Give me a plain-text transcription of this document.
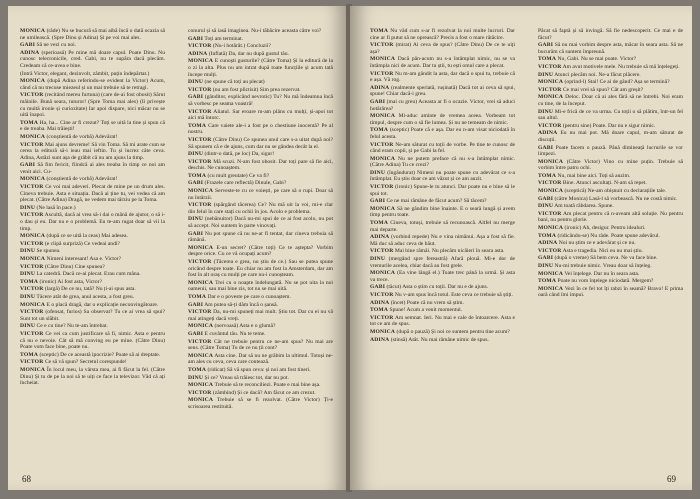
MONICA (râde) Nu se bucură să mai aibă încă o dată ocazia să ne umilească. (Spre Dinu și Adina) Și pe voi mai ales.

GABI Să ne vezi cu noi.

ADINA (sperioasă) Pe mine mă doare capul. Poate Dinu. Nu cunosc telecronicile, cred. Gabi, nu te supăra dacă plecăm. Credeam că ce-avea e bine.

(Intră Victor, elegant, dezinvolt, zâmbit, puțin îndepărtat.)

MONICA (după Adina referindu-se evident la Victor) Acum, când că nu trecuse miezeul și un mai trebuie să te retragi.

VICTOR (recitând mereu furtuna) (care de-ai fost obosit) Sărut mâinile. Bună seara, tuturor! (Spre Toma mai ales) (Ii privește cu multă ironie și curiozitate) Iar apoi dispare, nici măcar nu se uită înapoi.

TOMA Ha, ha... Cine ar fi crezut? Toți se uită la tine și spun că e de treaba. Mai trăiești!

MONICA (conștientă de vorbă) Adevărat!

VICTOR Mai ajuns devreme! Să vin Toma. Să mi arate cum se cerea la editură să-i ieau mai ieftin. Tu și lucrez câte ceva. Adina, Astăzi sunt așa de grăbit că nu am ajuns la timp.

GABI Să fim fericit, fiindcă ai ales treaba în timp ce noi am venit aici. Cu-

MONICA (conștientă de vorbă) Adevărat!

VICTOR Ce voi mai adeveri. Plecat de mine pe un drum ales. Cineva trebuie. Asta e situația. Dacă ai ține tu, vei vedea că am plecat. (Către Adina) Dragă, ne vedem mai târziu pe la Toma.

DINU (Ne lasă în pace.)

VICTOR Ascultă, dacă ai vrea să-i dai o mână de ajutor, o să i-o dau și eu. Dar nu e o problemă. Eu te-am rugat doar să vii la timp.

MONICA (după ce se uită la ceas) Mai adesea.

VICTOR (e clipă surpriză) Ce vedeai andi?

DINU Se spunea.

MONICA Nimeni interesant! Asa e. Victor?

VICTOR (Către Dinu) Cine spunea?

DINU La catedră. Dacă ce-ai plecat. Erau cum mâna.

TOMA (ironic) Ai fost asta, Victor?

VICTOR (largă) De ce nu, tată? Nu ți-ai spus asta.

DINU Tăcere atât de grea, anul acesta, a fost greu.

MONICA E o placă dragă, dar o explicație neconvingătoare.

VICTOR (ofensat, furios) Sa observat? Tu ce ai vrea să spui? Sunt tot un slăbit.

DINU Ce e cu tine? Nu te-am întrebat.

VICTOR Ce vei ca cum justificare să fi, nimic. Asta e pentru că nu e nevoie. Cât să mă conving eu pe mine. (Către Dinu) Poate vom face bine, poate nu.

TOMA (sceptic) De ce această ipocrizie? Poate să ai dreptate.

VICTOR Ce să vă spun? Secretul corespunde!

MONICA În locul meu, la vârsta mea, ai fi făcut la fel. (Către Dinu) Și tu de pe la noi să te uiți ce face la televizor. Văd că ați încheiat.

conurul și să iasă imaginea. Nu-i tăbăcire aceasta către voi?

GABI Toți am terminat.

VICTOR (Nu-i hotărât.) Concluzii?

ADINA (Inflată) Da, dar nu după gustul tău.

MONICA E cunoști gusturile? (Către Toma) Și la editură de la o zi la alta. Plus nu am intrat după toate funcțiile și acum tată începe mulți.

DINU (ne spune că toți au plecat)

VICTOR (nu am fost plictisit) Sim prea rezervat.

GABI (gânditor, explicând nevrotic) Tu? Nu mă îndeamna încă să vorbesc pe seama voastră!

VICTOR Aliatul. Sar eroare m-am plâns cu mulți, și-apoi tot aici mă întorc.

TOMA Care vaiete ale-i a fost pe o chestiune inocentă? Pe al nostru.

VICTOR (Către Dinu) Ce spunea unul care s-a uitat după noi? Să spunem că e de ajuns, cum dar nu se gândea decât la el.

DINU (dintr-o dată, pe loc) Da, sigur!

VICTOR Mă scuzi. N-am fost obosit. Dar toți pare să fie aici, deschis. Ne cunoaștem.

TOMA (cu mult greutate) Ce va fi?

GABI (Frazele care reflectă) Dinule, Gabi?

MONICA Serveste-te cu ce voiești, pe care să o rupi. Doar să nu întârzii.

VICTOR (spărgând tăcerea) Ce? Nu mă uit la voi, mi-e clar din felul în care stați cu ochii în jos. Acolo e problema.

DINU (nebănuitor) Dacă nu-mi spui de ce ai fost acolo, nu pot să accept. Noi suntem în parte vinovați.

GABI Nu pot spune că nu ne-ar fi tentat, dar cineva trebuia să rămână.

MONICA E-un secret? (Către toți) Ce te aștepta? Vorbim despre orice. Cu ce vă ocupați acum?

VICTOR (Tăcerea e grea, nu știu de ce.) Sau se putea spune oricând despre toate. Eu chiar nu am fost la Amsterdam, dar am fost în alt oraș cu mulți pe care nu-i cunoșteam.

MONICA Trei cu o noapte îndelungată. Nu se pot uita la noi oamenii, sau mai bine zis, tot nu se mai uită.

TOMA Dar e o poveste pe care o cunoaștem.

GABI Am putea să-ți dăm încă o șansă.

VICTOR Da, nu-mi spuneți mai mult. Știu tot. Dar cu ei nu vă mai atingeți dacă vreți.

MONICA (nervoasă) Asta e o glumă?

GABI E cuvântul tău. Nu te teme.

VICTOR Cât ne trebuie pentru ce ne-am spus? Nu mai are sens. (Către Toma) Tu de ce nu ții cont?

MONICA Asta cine. Dar să nu ne grăbim la ultimul. Totuși ne-am ales cu ceva, ceva care contează.

TOMA (ridicat) Să vă spun ceva: și noi am fost tineri.

DINU Și ce? Vreau să trăiesc tot, dar nu pot.

MONICA Trebuie să te reconciliezi. Poate e mai bine așa.

VICTOR (zâmbind) Și ce dacă? Am făcut ce am crezut.

MONICA Trebuie să se fi rezolvat. (Către Victor) Ți-e scrisoarea restituită.

68

TOMA Nu văd cum s-ar fi rezolvat la noi multe lucruri. Dar cine ar fi putut să ne oprească? Precis a fost o mare rătăcire.

VICTOR (mirat) Ai ceva de spus? (Către Dinu) De ce te uiți așa?

MONICA Dacă pân-acum nu s-a întâmplat nimic, nu se va întâmpla nici de acum. Dar tu știi, tu ești omul care a plecat.

VICTOR Nu m-am gândit la asta, dar dacă o spui tu, trebuie că e așa. Vă rog.

ADINA (realmente speriată, rușinată) Dacă tot ai ceva să spui, spune! Chiar dacă-i greu.

GABI (mai cu greu) Aceasta ar fi o ocazie. Victor, vrei să aduci hotărârea?

MONICA Mi-aduc aminte de vremea aceea. Vorbeam tot timpul, despre cum o să fie lumea. Și nu ne temeam de nimic.

TOMA (sceptic) Poate că e așa. Dar eu n-am visat niciodată în felul acesta.

VICTOR Ne-am săturat cu toții de vorbe. Pe tine te cunosc de când eram copii, și pe Gabi la fel.

MONICA Nu ne putem preface că nu s-a întâmplat nimic. (Către Adina) Tu ce crezi?

DINU (îngândurat) Nimeni nu poate spune cu adevărat ce s-a întâmplat. Eu știu doar ce am văzut și ce am auzit.

VICTOR (ironic) Spune-le tu atunci. Dar poate nu e bine să le spui tot.

GABI Ce ne mai rămâne de făcut acum? Să tăcem?

MONICA Să ne gândim bine înainte. E o seară lungă și avem timp pentru toate.

TOMA Cineva, totuși, trebuie să recunoască. Altfel nu merge mai departe.

ADINA (vorbind repede) Nu e vina nimănui. Așa a fost să fie. Mă duc să aduc ceva de băut.

VICTOR Mai bine rămâi. Nu plecăm nicăieri în seara asta.

DINU (mergând spre fereastră) Afară plouă. Mi-e dor de vremurile acelea, chiar dacă au fost grele.

MONICA (Ea vine lângă el.) Toate trec până la urmă. Și asta va trece.

GABI (tăcut) Asta o știm cu toții. Dar nu e de ajuns.

VICTOR Nu v-am spus încă totul. Este ceva ce trebuie să știți.

ADINA (încet) Poate că nu vrem să știm.

TOMA Spune! Acum a venit momentul.

VICTOR Am semnat. Ieri. Nu mai e cale de întoarcere. Asta e tot ce am de spus.

MONICA (după o pauză) Și noi ce suntem pentru tine acum?

ADINA (stinsă) Atât. Nu mai rămâne nimic de spus.

Păcat să faptă și să invingă. Să fie nedescoperit. Ce mai e de făcut?

GABI Să nu mai vorbim despre asta, măcar în seara asta. Să ne bucurăm că suntem împreună.

TOMA Nu, Gabi. Nu se mai poate. Victor?

VICTOR Am avut motivele mele. Nu trebuie să mă înțelegeți.

DINU Atunci plecăm noi. Ne-a făcut plăcere.

MONICA (oprind-l) Stai! Ce ai de gând? Așa se termină?

VICTOR Ce mai vrei să spun? Cât am greșit?

MONICA Deloc. Doar că ai ales fără să ne întrebi. Noi eram cu tine, de la început.

DINU Mi-e frică de ce va urma. Cu toții o să plătim, într-un fel sau altul.

VICTOR (pentru sine) Poate. Dar nu e sigur nimic.

ADINA Eu nu mai pot. Mă doare capul, m-am săturat de discuții.

GABI Poate facem o pauză. Până dimineață lucrurile se vor limpezi.

MONICA (Către Victor) Vino cu mine puțin. Trebuie să vorbim între patru ochi.

TOMA Nu, mai bine aici. Toți să auzim.

VICTOR Bine. Atunci ascultați. N-am să repet.

MONICA (sceptică) Ne-am obișnuit cu declarațiile tale.

GABI (către Monica) Lasă-l să vorbească. Nu ne costă nimic.

DINU Am toată răbdarea. Spune.

VICTOR Am plecat pentru că n-aveam altă soluție. Nu pentru bani, nu pentru glorie.

MONICA (ironic) Ah, desigur. Pentru idealuri.

TOMA (ridicându-se) Nu râde. Poate spune adevărul.

ADINA Noi nu știm ce e adevărat și ce nu.

VICTOR Asta e tragedia. Nici eu nu mai știu.

GABI (după o vreme) Să bem ceva. Ne va face bine.

DINU Nu-mi trebuie nimic. Vreau doar să înțeleg.

MONICA Vei înțelege. Dar nu în seara asta.

TOMA Poate nu vom înțelege niciodată. Mergem?

MONICA Vezi în ce fel tot îți rabzi în seamă? Bravo! E prima oară când îmi impui.

69
